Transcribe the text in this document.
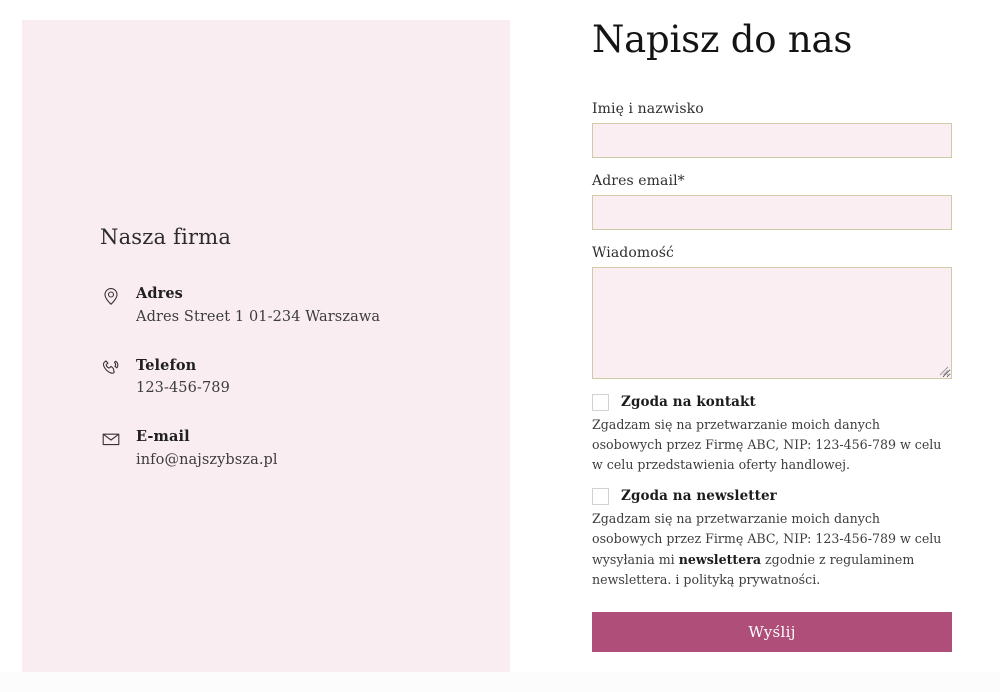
Nasza firma
Adres
Adres Street 1 01-234 Warszawa
Telefon
123-456-789
E-mail
info@najszybsza.pl
Napisz do nas
Imię i nazwisko
Adres email*
Wiadomość
Zgoda na kontakt

Zgadzam się na przetwarzanie moich danych osobowych przez Firmę ABC, NIP: 123-456-789 w celu w celu przedstawienia oferty handlowej.

Zgoda na newsletter

Zgadzam się na przetwarzanie moich danych osobowych przez Firmę ABC, NIP: 123-456-789 w celu wysyłania mi newslettera zgodnie z regulaminem newslettera. i polityką prywatności.

Wyślij
